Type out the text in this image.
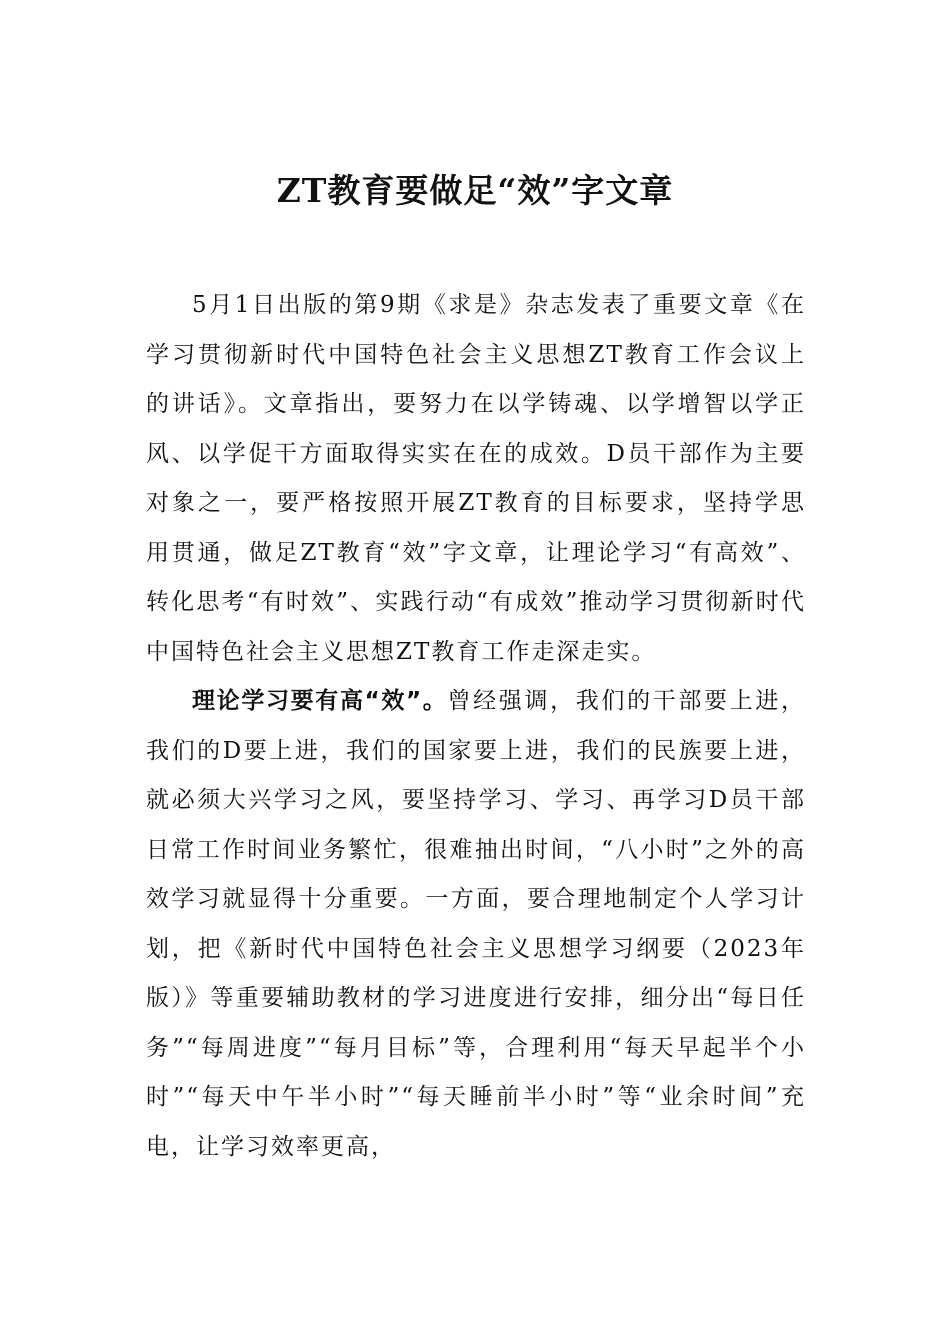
ZT教育要做足“效”字文章

5月1日出版的第9期《求是》杂志发表了重要文章《在学习贯彻新时代中国特色社会主义思想ZT教育工作会议上的讲话》。文章指出，要努力在以学铸魂、以学增智以学正风、以学促干方面取得实实在在的成效。D员干部作为主要对象之一，要严格按照开展ZT教育的目标要求，坚持学思用贯通，做足ZT教育“效”字文章，让理论学习“有高效”、转化思考“有时效”、实践行动“有成效”推动学习贯彻新时代中国特色社会主义思想ZT教育工作走深走实。

理论学习要有高“效”。曾经强调，我们的干部要上进，我们的D要上进，我们的国家要上进，我们的民族要上进，就必须大兴学习之风，要坚持学习、学习、再学习D员干部日常工作时间业务繁忙，很难抽出时间，“八小时”之外的高效学习就显得十分重要。一方面，要合理地制定个人学习计划，把《新时代中国特色社会主义思想学习纲要（2023年版）》等重要辅助教材的学习进度进行安排，细分出“每日任务”“每周进度”“每月目标”等，合理利用“每天早起半个小时”“每天中午半小时”“每天睡前半小时”等“业余时间”充电，让学习效率更高，
